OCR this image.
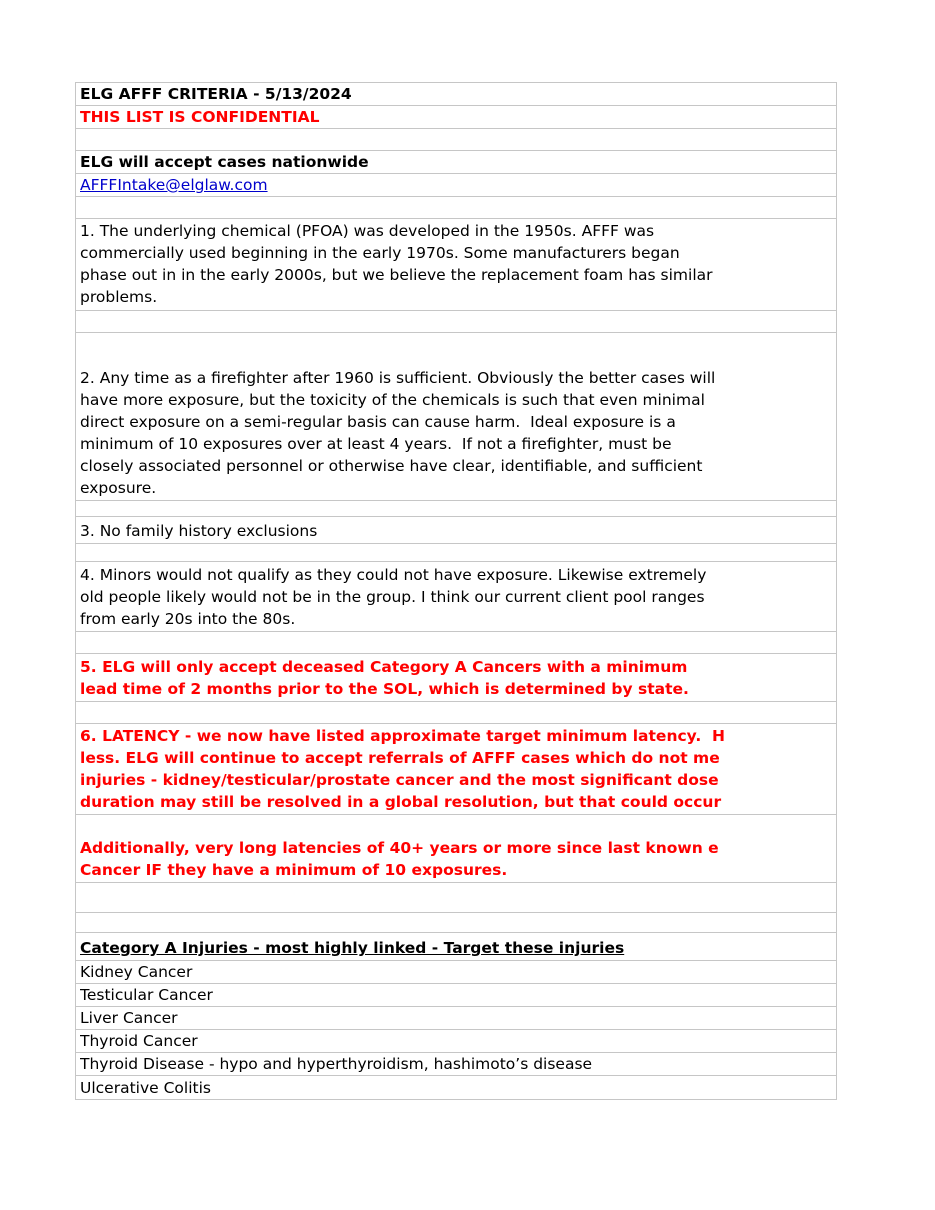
ELG AFFF CRITERIA - 5/13/2024
THIS LIST IS CONFIDENTIAL
ELG will accept cases nationwide
AFFFIntake@elglaw.com
1. The underlying chemical (PFOA) was developed in the 1950s. AFFF was
commercially used beginning in the early 1970s. Some manufacturers began
phase out in in the early 2000s, but we believe the replacement foam has similar
problems.
2. Any time as a firefighter after 1960 is sufficient. Obviously the better cases will
have more exposure, but the toxicity of the chemicals is such that even minimal
direct exposure on a semi-regular basis can cause harm.  Ideal exposure is a
minimum of 10 exposures over at least 4 years.  If not a firefighter, must be
closely associated personnel or otherwise have clear, identifiable, and sufficient
exposure.
3. No family history exclusions
4. Minors would not qualify as they could not have exposure. Likewise extremely
old people likely would not be in the group. I think our current client pool ranges
from early 20s into the 80s.
5. ELG will only accept deceased Category A Cancers with a minimum
lead time of 2 months prior to the SOL, which is determined by state.
6. LATENCY - we now have listed approximate target minimum latency.  H
less. ELG will continue to accept referrals of AFFF cases which do not me
injuries - kidney/testicular/prostate cancer and the most significant dose
duration may still be resolved in a global resolution, but that could occur
Additionally, very long latencies of 40+ years or more since last known e
Cancer IF they have a minimum of 10 exposures.
Category A Injuries - most highly linked - Target these injuries
Kidney Cancer
Testicular Cancer
Liver Cancer
Thyroid Cancer
Thyroid Disease - hypo and hyperthyroidism, hashimoto’s disease
Ulcerative Colitis
